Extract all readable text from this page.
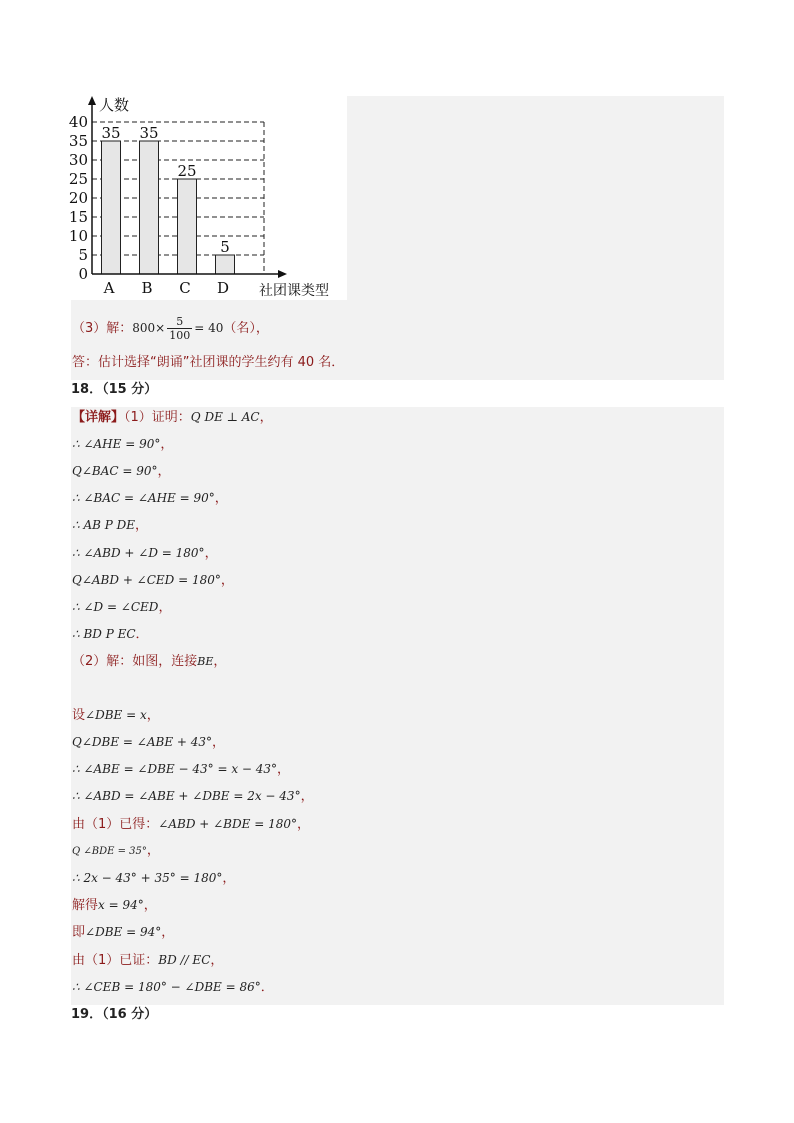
0
5
10
15
20
25
30
35
40
35
A
35
B
25
C
5
D
人数
社团课类型
（3）解：$800\times \frac{5}{100} = 40$（名），
答：估计选择“朗诵”社团课的学生约有 40 名．
18．（15 分）
【详解】（1）证明：Q DE ⊥ AC，
∴ ∠AHE = 90°，
Q∠BAC = 90°，
∴ ∠BAC = ∠AHE = 90°，
∴ AB P DE，
∴ ∠ABD + ∠D = 180°，
Q∠ABD + ∠CED = 180°，
∴ ∠D = ∠CED，
∴ BD P EC．
（2）解：如图，连接BE，
设∠DBE = x，
Q∠DBE = ∠ABE + 43°，
∴ ∠ABE = ∠DBE − 43° = x − 43°，
∴ ∠ABD = ∠ABE + ∠DBE = 2x − 43°，
由（1）已得：∠ABD + ∠BDE = 180°，
Q ∠BDE = 35°，
∴ 2x − 43° + 35° = 180°，
解得x = 94°，
即∠DBE = 94°，
由（1）已证：BD // EC，
∴ ∠CEB = 180° − ∠DBE = 86°．
19．（16 分）
